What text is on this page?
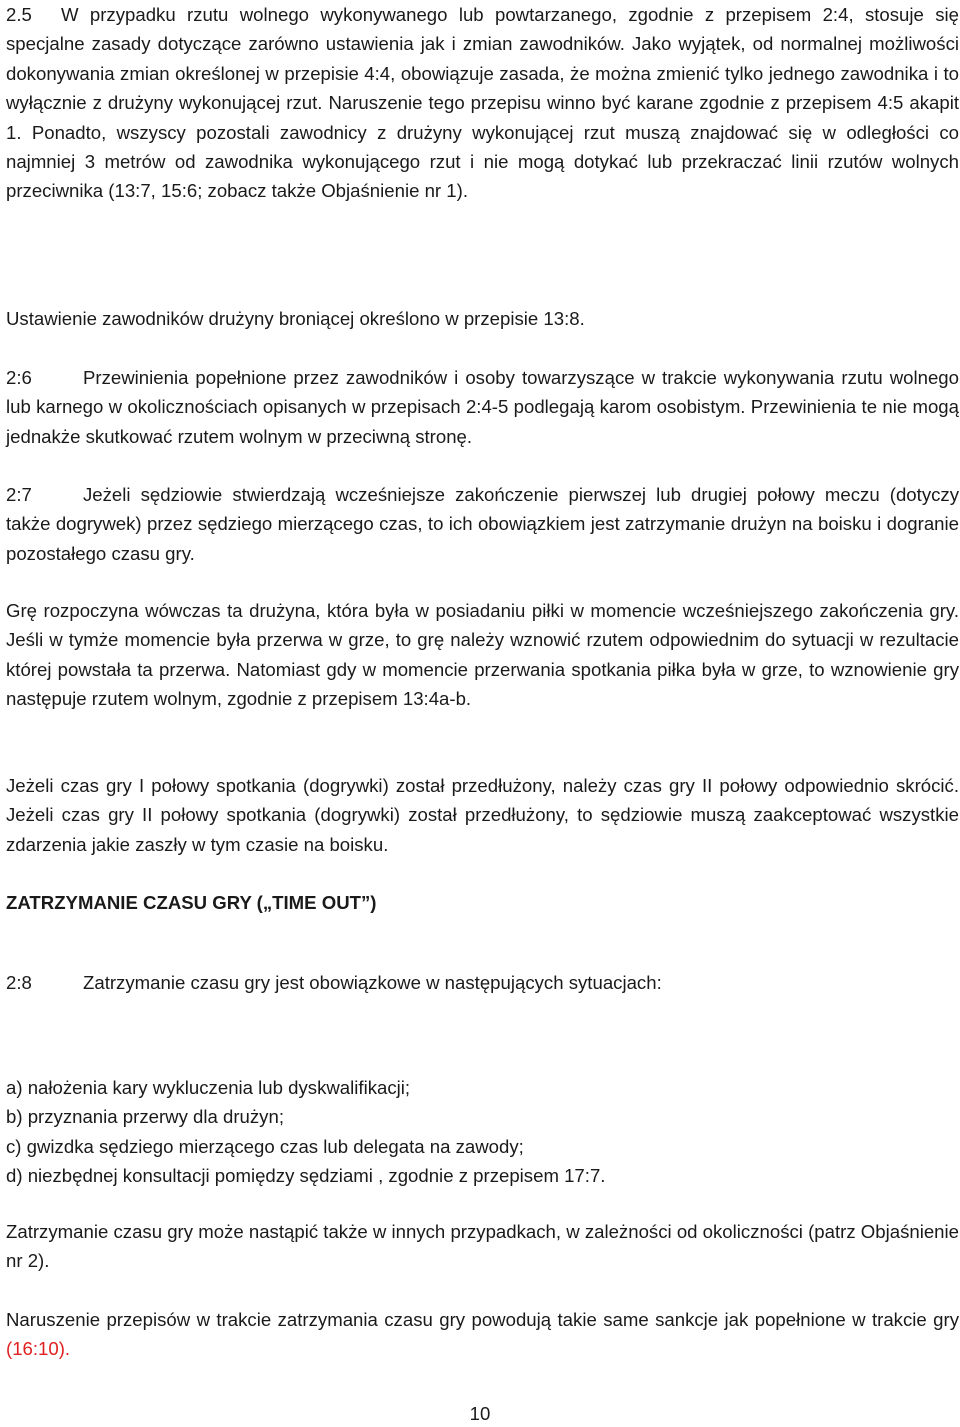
2.5 W przypadku rzutu wolnego wykonywanego lub powtarzanego, zgodnie z przepisem 2:4, stosuje się specjalne zasady dotyczące zarówno ustawienia jak i zmian zawodników. Jako wyjątek, od normalnej możliwości dokonywania zmian określonej w przepisie 4:4, obowiązuje zasada, że można zmienić tylko jednego zawodnika i to wyłącznie z drużyny wykonującej rzut. Naruszenie tego przepisu winno być karane zgodnie z przepisem 4:5 akapit 1. Ponadto, wszyscy pozostali zawodnicy z drużyny wykonującej rzut muszą znajdować się w odległości co najmniej 3 metrów od zawodnika wykonującego rzut i nie mogą dotykać lub przekraczać linii rzutów wolnych przeciwnika (13:7, 15:6; zobacz także Objaśnienie nr 1).

Ustawienie zawodników drużyny broniącej określono w przepisie 13:8.

2:6	Przewinienia popełnione przez zawodników i osoby towarzyszące w trakcie wykonywania rzutu wolnego lub karnego w okolicznościach opisanych w przepisach 2:4-5 podlegają karom osobistym. Przewinienia te nie mogą jednakże skutkować rzutem wolnym w przeciwną stronę.

2:7	Jeżeli sędziowie stwierdzają wcześniejsze zakończenie pierwszej lub drugiej połowy meczu (dotyczy także dogrywek) przez sędziego mierzącego czas, to ich obowiązkiem jest zatrzymanie drużyn na boisku i dogranie pozostałego czasu gry.

Grę rozpoczyna wówczas ta drużyna, która była w posiadaniu piłki w momencie wcześniejszego zakończenia gry. Jeśli w tymże momencie była przerwa w grze, to grę należy wznowić rzutem odpowiednim do sytuacji w rezultacie której powstała ta przerwa. Natomiast gdy w momencie przerwania spotkania piłka była w grze, to wznowienie gry następuje rzutem wolnym, zgodnie z przepisem 13:4a-b.

Jeżeli czas gry I połowy spotkania (dogrywki) został przedłużony, należy czas gry II połowy odpowiednio skrócić. Jeżeli czas gry II połowy spotkania (dogrywki) został przedłużony, to sędziowie muszą zaakceptować wszystkie zdarzenia jakie zaszły w tym czasie na boisku.

ZATRZYMANIE CZASU GRY („TIME OUT”)

2:8	Zatrzymanie czasu gry jest obowiązkowe w następujących sytuacjach:

a) nałożenia kary wykluczenia lub dyskwalifikacji;

b) przyznania przerwy dla drużyn;

c) gwizdka sędziego mierzącego czas lub delegata na zawody;

d) niezbędnej konsultacji pomiędzy sędziami , zgodnie z przepisem 17:7.

Zatrzymanie czasu gry może nastąpić także w innych przypadkach, w zależności od okoliczności (patrz Objaśnienie nr 2).

Naruszenie przepisów w trakcie zatrzymania czasu gry powodują takie same sankcje jak popełnione w trakcie gry (16:10).

10
